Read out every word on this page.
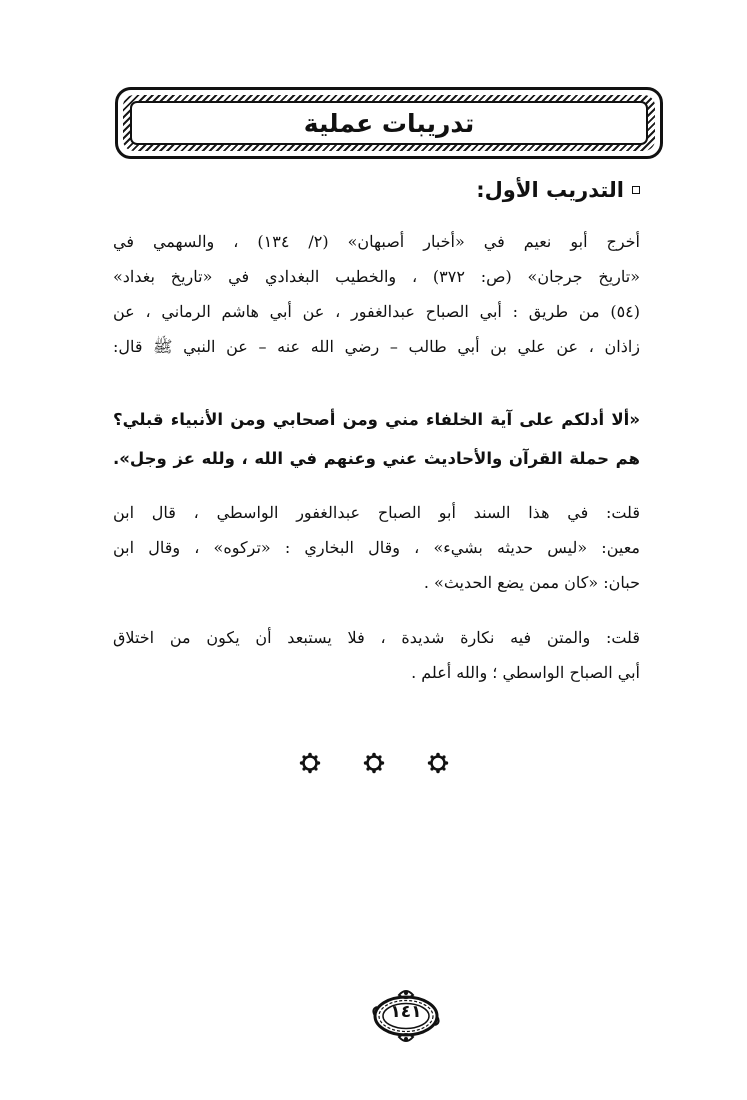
تدريبات عملية
التدريب الأول:
أخرج أبو نعيم في «أخبار أصبهان» (٢/ ١٣٤) ، والسهمي في
«تاريخ جرجان» (ص: ٣٧٢) ، والخطيب البغدادي في «تاريخ بغداد»
(٥٤) من طريق : أبي الصباح عبدالغفور ، عن أبي هاشم الرماني ، عن
زاذان ، عن علي بن أبي طالب – رضي الله عنه – عن النبي ﷺ قال:
«ألا أدلكم على آية الخلفاء مني ومن أصحابي ومن الأنبياء قبلي؟
هم حملة القرآن والأحاديث عني وعنهم في الله ، ولله عز وجل».
قلت: في هذا السند أبو الصباح عبدالغفور الواسطي ، قال ابن
معين: «ليس حديثه بشيء» ، وقال البخاري : «تركوه» ، وقال ابن
حبان: «كان ممن يضع الحديث» .
قلت: والمتن فيه نكارة شديدة ، فلا يستبعد أن يكون من اختلاق
أبي الصباح الواسطي ؛ والله أعلم .
١٤١
